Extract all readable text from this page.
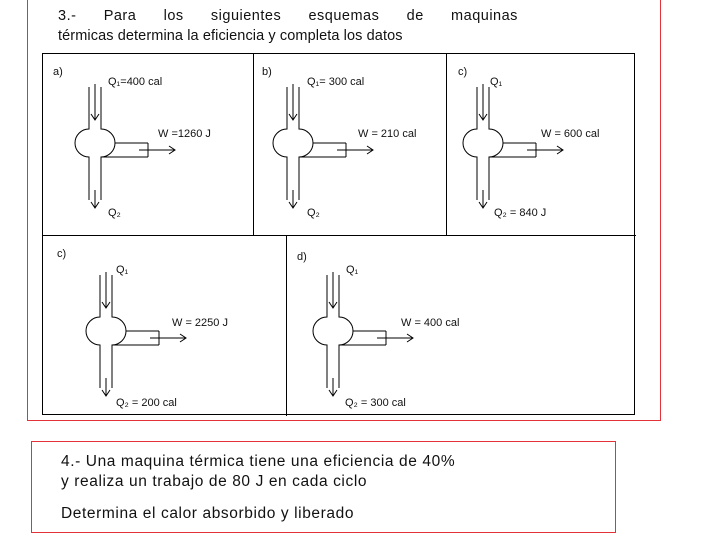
3.- Para los siguientes esquemas de maquinas
térmicas determina la eficiencia y completa los datos
a)
Q₁=400 cal
W =1260 J
Q₂
b)
Q₁= 300 cal
W = 210 cal
Q₂
c)
Q₁
W = 600 cal
Q₂ = 840 J
c)
Q₁
W = 2250 J
Q₂ = 200 cal
d)
Q₁
W = 400 cal
Q₂ = 300 cal

4.- Una maquina térmica tiene una eficiencia de 40%

y realiza un trabajo de 80 J en cada ciclo

Determina el calor absorbido y liberado
